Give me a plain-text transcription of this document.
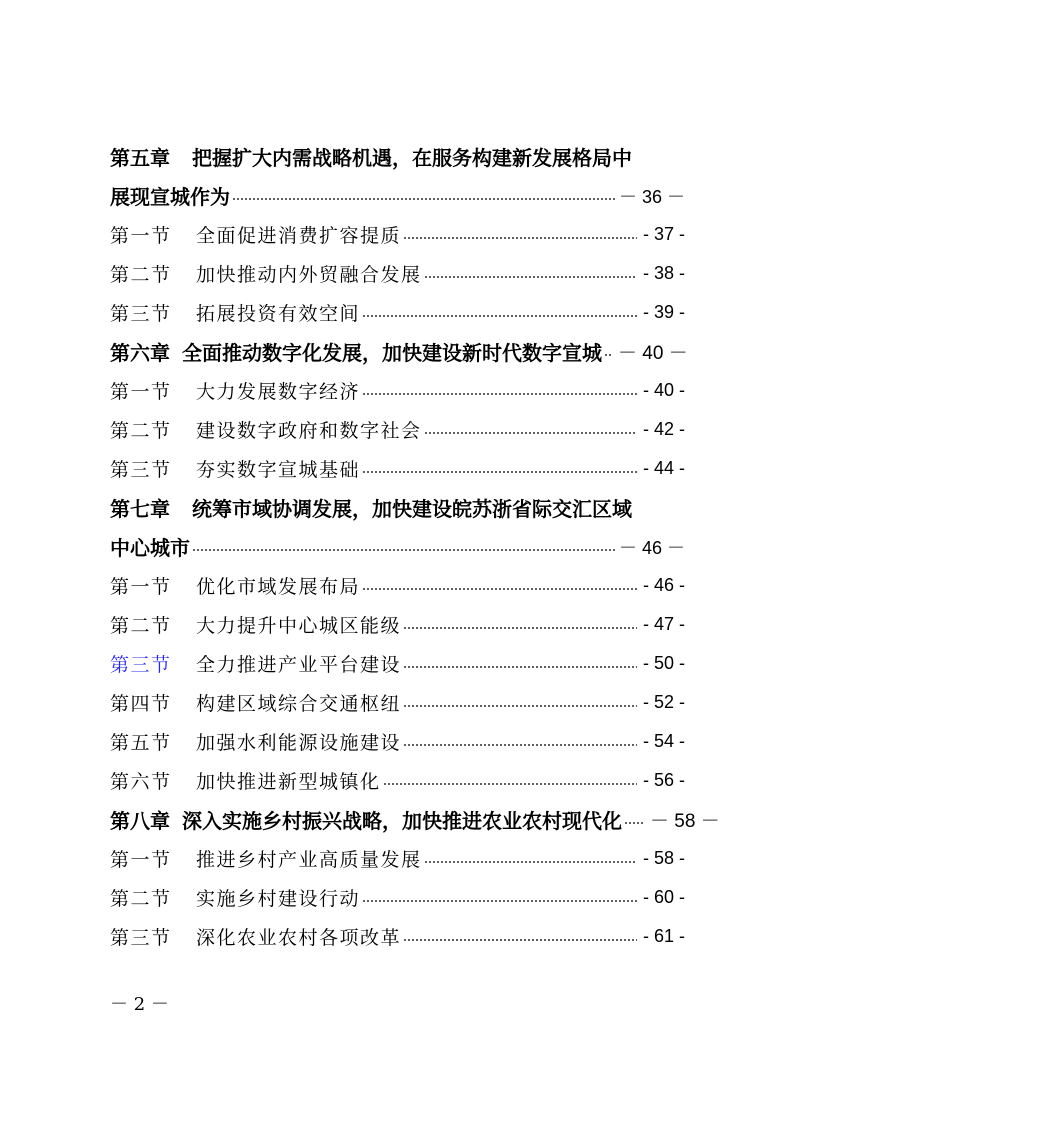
第五章 把握扩大内需战略机遇，在服务构建新发展格局中
展现宣城作为	－ 36 －
第一节 全面促进消费扩容提质	- 37 -
第二节 加快推动内外贸融合发展	- 38 -
第三节 拓展投资有效空间	- 39 -
第六章 全面推动数字化发展，加快建设新时代数字宣城 － 40 －
第一节 大力发展数字经济	- 40 -
第二节 建设数字政府和数字社会	- 42 -
第三节 夯实数字宣城基础	- 44 -
第七章 统筹市域协调发展，加快建设皖苏浙省际交汇区域
中心城市	－ 46 －
第一节 优化市域发展布局	- 46 -
第二节 大力提升中心城区能级	- 47 -
第三节 全力推进产业平台建设	- 50 -
第四节 构建区域综合交通枢纽	- 52 -
第五节 加强水利能源设施建设	- 54 -
第六节 加快推进新型城镇化	- 56 -
第八章 深入实施乡村振兴战略，加快推进农业农村现代化 － 58 －
第一节 推进乡村产业高质量发展	- 58 -
第二节 实施乡村建设行动	- 60 -
第三节 深化农业农村各项改革	- 61 -
－ 2 －
